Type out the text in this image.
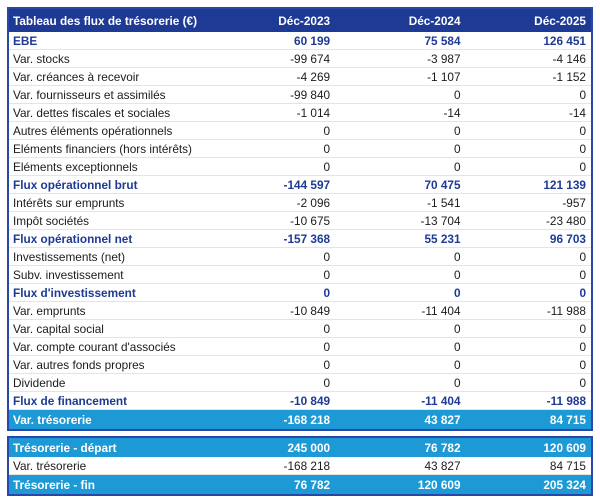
Tableau des flux de trésorerie (€)	Déc-2023	Déc-2024	Déc-2025
EBE	60 199	75 584	126 451
Var. stocks	-99 674	-3 987	-4 146
Var. créances à recevoir	-4 269	-1 107	-1 152
Var. fournisseurs et assimilés	-99 840	0	0
Var. dettes fiscales et sociales	-1 014	-14	-14
Autres éléments opérationnels	0	0	0
Eléments financiers (hors intérêts)	0	0	0
Eléments exceptionnels	0	0	0
Flux opérationnel brut	-144 597	70 475	121 139
Intérêts sur emprunts	-2 096	-1 541	-957
Impôt sociétés	-10 675	-13 704	-23 480
Flux opérationnel net	-157 368	55 231	96 703
Investissements (net)	0	0	0
Subv. investissement	0	0	0
Flux d'investissement	0	0	0
Var. emprunts	-10 849	-11 404	-11 988
Var. capital social	0	0	0
Var. compte courant d'associés	0	0	0
Var. autres fonds propres	0	0	0
Dividende	0	0	0
Flux de financement	-10 849	-11 404	-11 988
Var. trésorerie	-168 218	43 827	84 715
Trésorerie - départ	245 000	76 782	120 609
Var. trésorerie	-168 218	43 827	84 715
Trésorerie - fin	76 782	120 609	205 324
